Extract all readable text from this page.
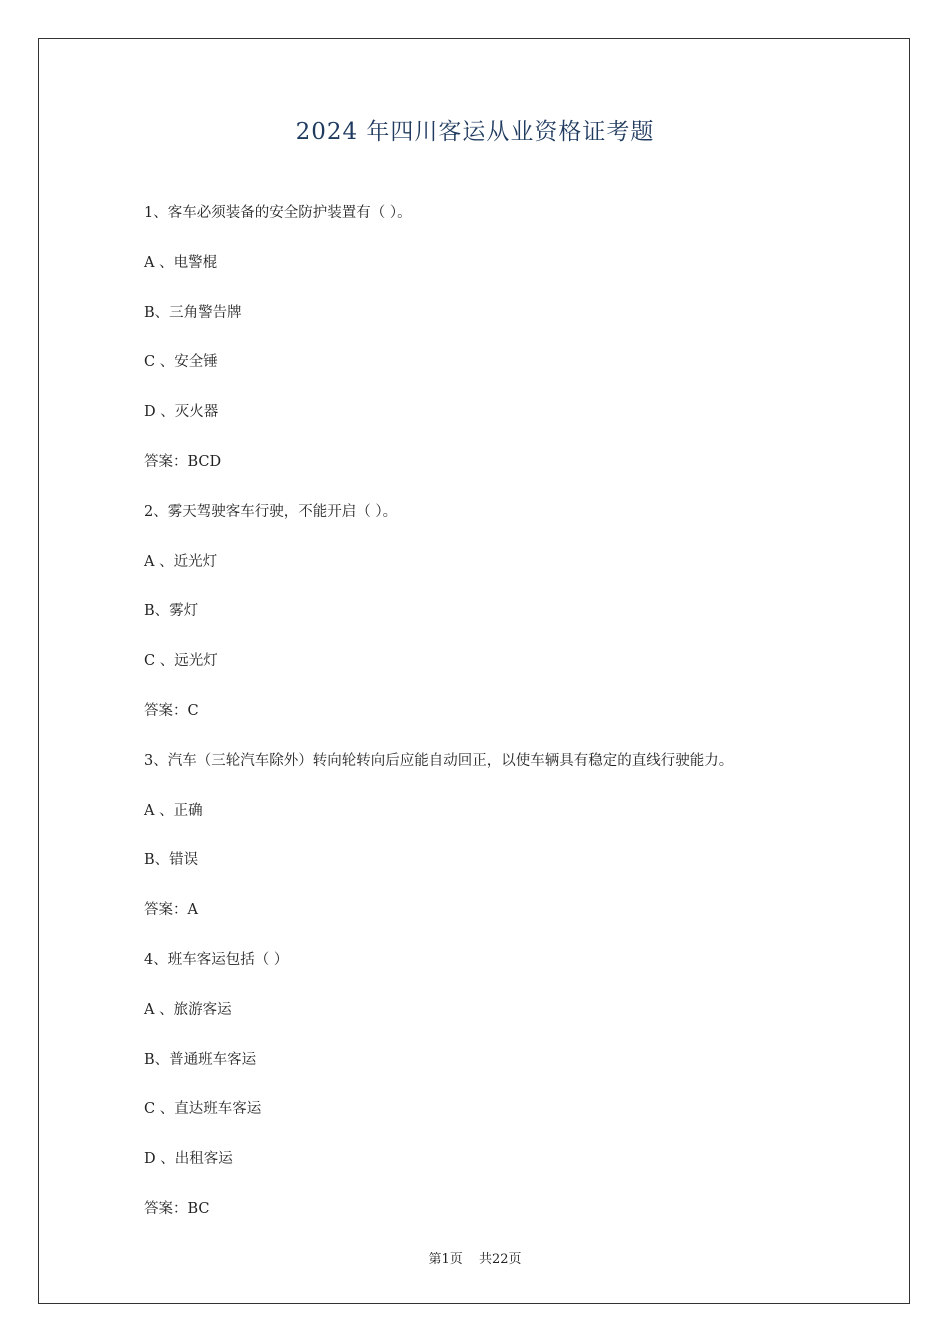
2024 年四川客运从业资格证考题
1、客车必须装备的安全防护装置有（ ）。
A 、电警棍
B、三角警告牌
C 、安全锤
D 、灭火器
答案：BCD
2、雾天驾驶客车行驶，不能开启（ ）。
A 、近光灯
B、雾灯
C 、远光灯
答案：C
3、汽车（三轮汽车除外）转向轮转向后应能自动回正，以使车辆具有稳定的直线行驶能力。
A 、正确
B、错误
答案：A
4、班车客运包括（ ）
A 、旅游客运
B、普通班车客运
C 、直达班车客运
D 、出租客运
答案：BC
第1页 共22页
